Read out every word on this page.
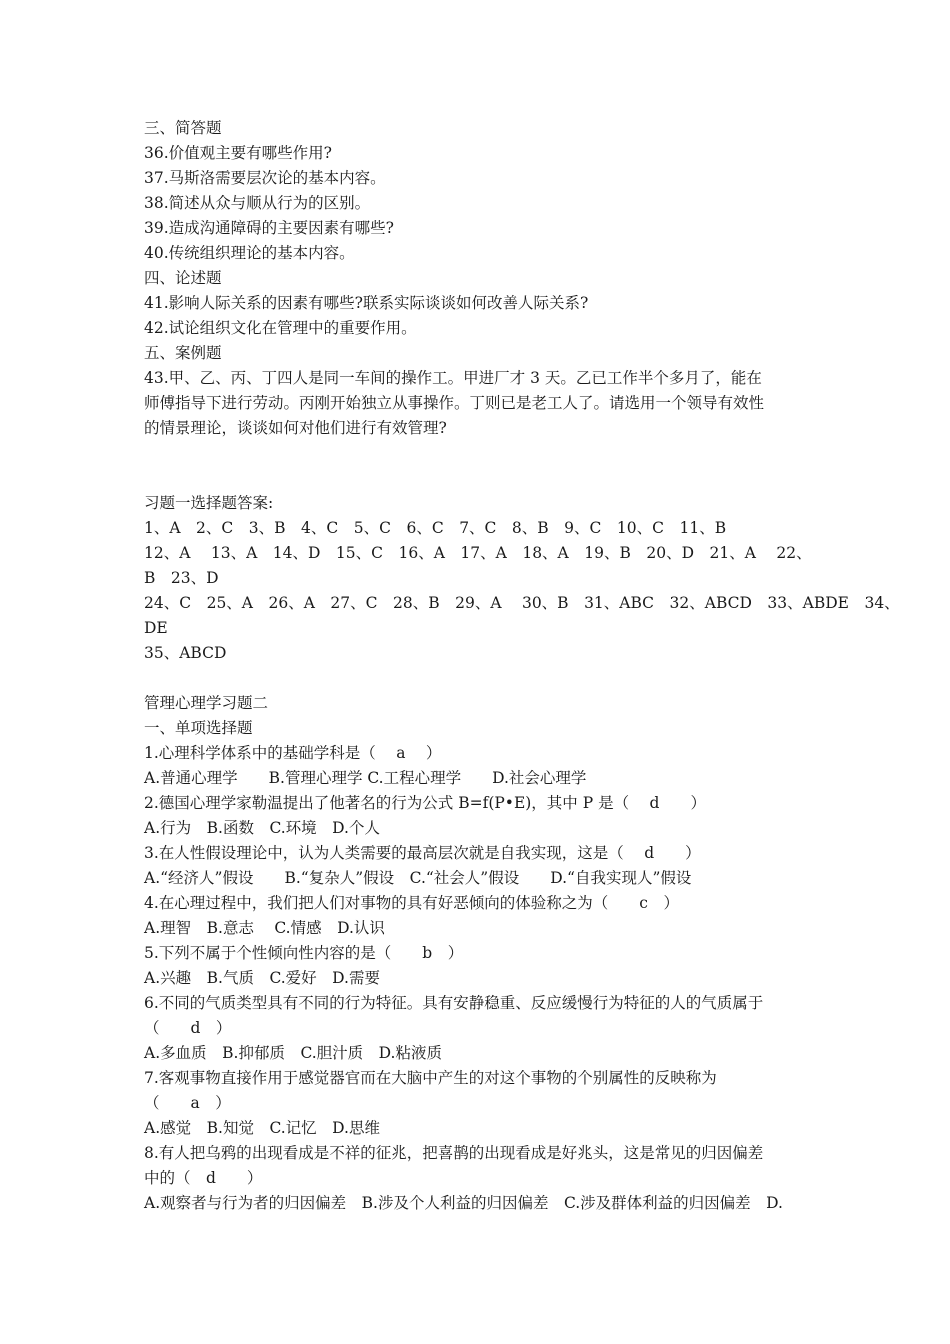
三、简答题
36.价值观主要有哪些作用?
37.马斯洛需要层次论的基本内容。
38.简述从众与顺从行为的区别。
39.造成沟通障碍的主要因素有哪些?
40.传统组织理论的基本内容。
四、论述题
41.影响人际关系的因素有哪些?联系实际谈谈如何改善人际关系?
42.试论组织文化在管理中的重要作用。
五、案例题
43.甲、乙、丙、丁四人是同一车间的操作工。甲进厂才 3 天。乙已工作半个多月了，能在
师傅指导下进行劳动。丙刚开始独立从事操作。丁则已是老工人了。请选用一个领导有效性
的情景理论，谈谈如何对他们进行有效管理?
习题一选择题答案:
1、A　2、C　3、B　4、C　5、C　6、C　7、C　8、B　9、C　10、C　11、B
12、A　 13、A　14、D　15、C　16、A　17、A　18、A　19、B　20、D　21、A　 22、
B　23、D
24、C　25、A　26、A　27、C　28、B　29、A　 30、B　31、ABC　32、ABCD　33、ABDE　34、
DE
35、ABCD
管理心理学习题二
一、单项选择题
1.心理科学体系中的基础学科是（　 a　 ）
A.普通心理学　　B.管理心理学 C.工程心理学　　D.社会心理学
2.德国心理学家勒温提出了他著名的行为公式 B=f(P•E)，其中 P 是（　 d　　）
A.行为　B.函数　C.环境　D.个人
3.在人性假设理论中，认为人类需要的最高层次就是自我实现，这是（　 d　　）
A.“经济人”假设　　B.“复杂人”假设　C.“社会人”假设　　D.“自我实现人”假设
4.在心理过程中，我们把人们对事物的具有好恶倾向的体验称之为（　　c　）
A.理智　B.意志　 C.情感　D.认识
5.下列不属于个性倾向性内容的是（　　b　）
A.兴趣　B.气质　C.爱好　D.需要
6.不同的气质类型具有不同的行为特征。具有安静稳重、反应缓慢行为特征的人的气质属于
（　　d　）
A.多血质　B.抑郁质　C.胆汁质　D.粘液质
7.客观事物直接作用于感觉器官而在大脑中产生的对这个事物的个别属性的反映称为
（　　a　）
A.感觉　B.知觉　C.记忆　D.思维
8.有人把乌鸦的出现看成是不祥的征兆，把喜鹊的出现看成是好兆头，这是常见的归因偏差
中的（　d　　）
A.观察者与行为者的归因偏差　B.涉及个人利益的归因偏差　C.涉及群体利益的归因偏差　D.
